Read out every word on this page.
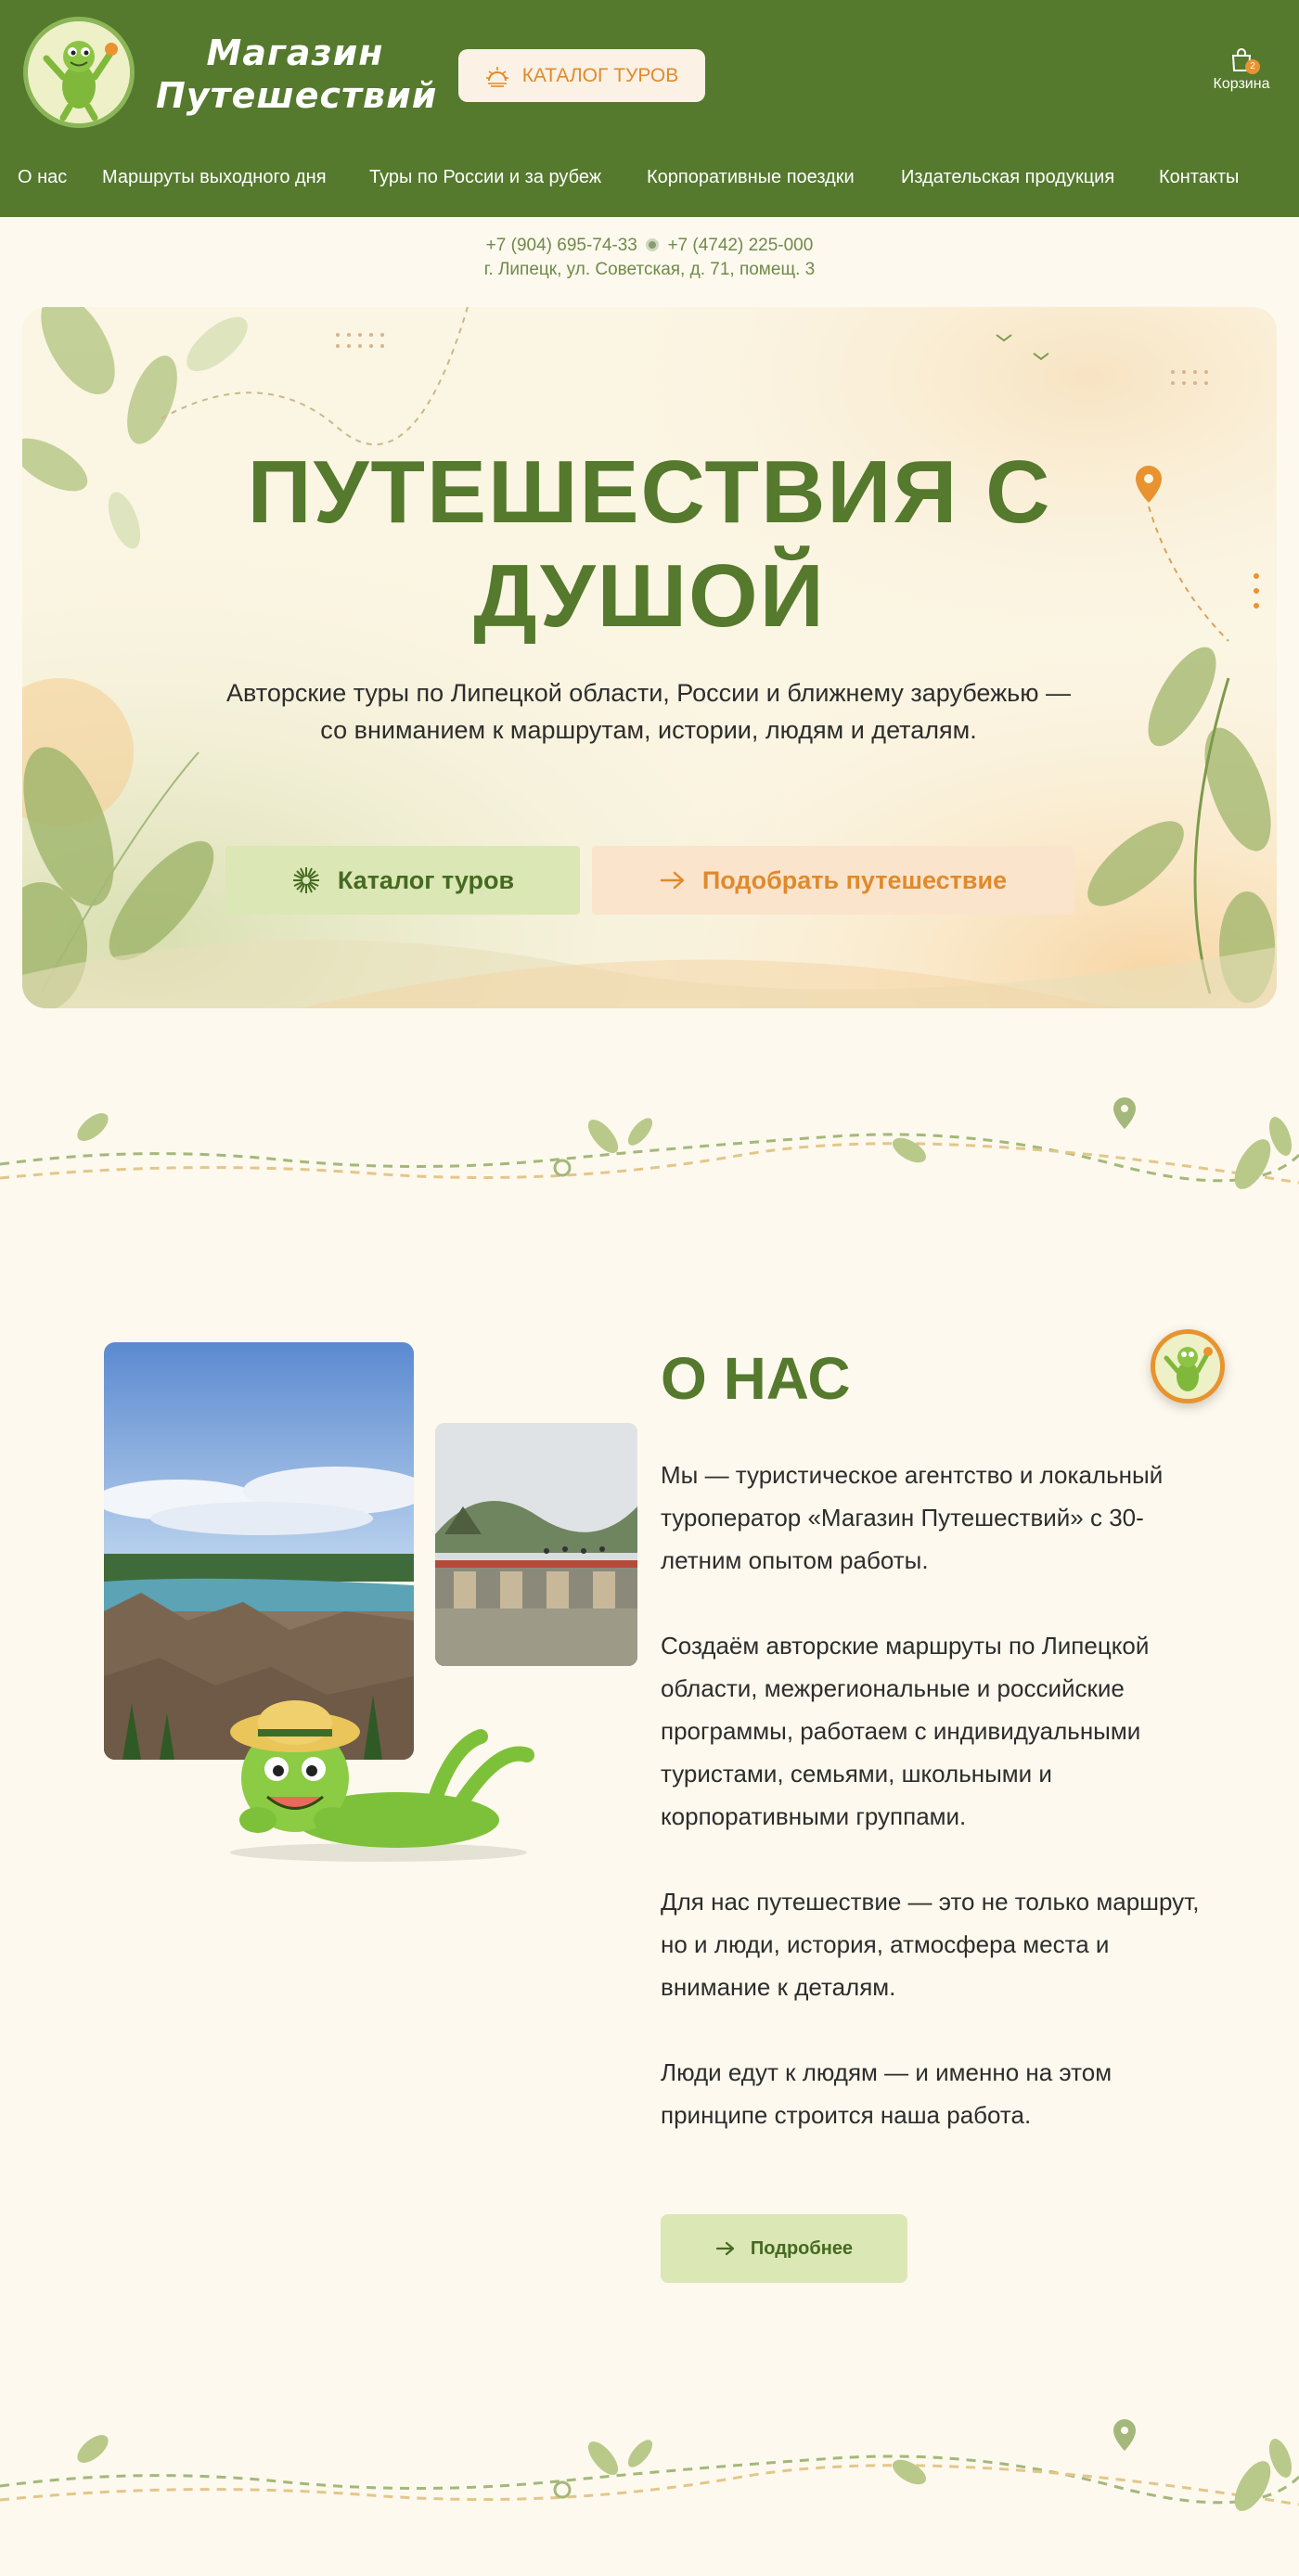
Магазин
Путешествий	КАТАЛОГ ТУРОВ	2
Корзина
О нас Маршруты выходного дня Туры по России и за рубеж Корпоративные поездки	Издательская продукция Контакты
+7 (904) 695-74-33 +7 (4742) 225-000
г. Липецк, ул. Советская, д. 71, помещ. 3
ПУТЕШЕСТВИЯ С
ДУШОЙ
Авторские туры по Липецкой области, России и ближнему зарубежью —
со вниманием к маршрутам, истории, людям и деталям.
Каталог туров	Подобрать путешествие
О НАС

Мы — туристическое агентство и локальный туроператор «Магазин Путешествий» с 30-летним опытом работы.

Создаём авторские маршруты по Липецкой области, межрегиональные и российские программы, работаем с индивидуальными туристами, семьями, школьными и корпоративными группами.

Для нас путешествие — это не только маршрут, но и люди, история, атмосфера места и внимание к деталям.

Люди едут к людям — и именно на этом принципе строится наша работа.

Подробнее
